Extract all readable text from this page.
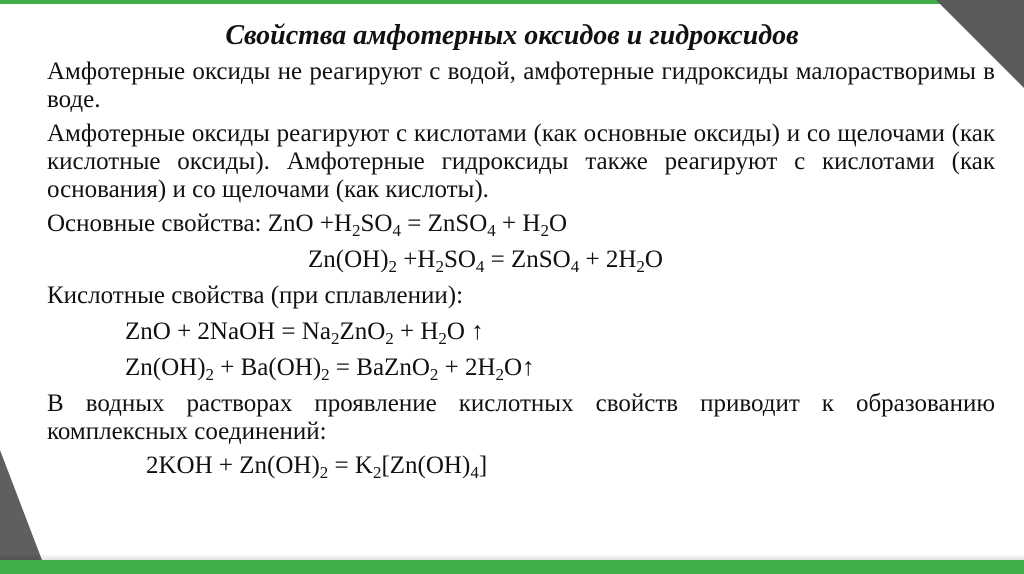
Свойства амфотерных оксидов и гидроксидов

Амфотерные оксиды не реагируют с водой, амфотерные гидроксиды малорастворимы в воде.

Амфотерные оксиды реагируют с кислотами (как основные оксиды) и со щелочами (как кислотные оксиды). Амфотерные гидроксиды также реагируют с кислотами (как основания) и со щелочами (как кислоты).

Основные свойства: ZnO $+H_2SO_4$ = ZnSO$_4$ + $H_2O$
$Zn(OH)_2 +H_2SO_4$ = ZnSO$_4$ + $2H_2O$
Кислотные свойства (при сплавлении):
ZnO + 2NaOH = $Na_2ZnO_2 + H_2O$ ↑
$Zn(OH)_2 + Ba(OH)_2$ = BaZnO$_2$ + $2H_2O↑$

В водных растворах проявление кислотных свойств приводит к образованию комплексных соединений:

$2KOH + Zn(OH)_2 = K_2[Zn(OH)_4]$
